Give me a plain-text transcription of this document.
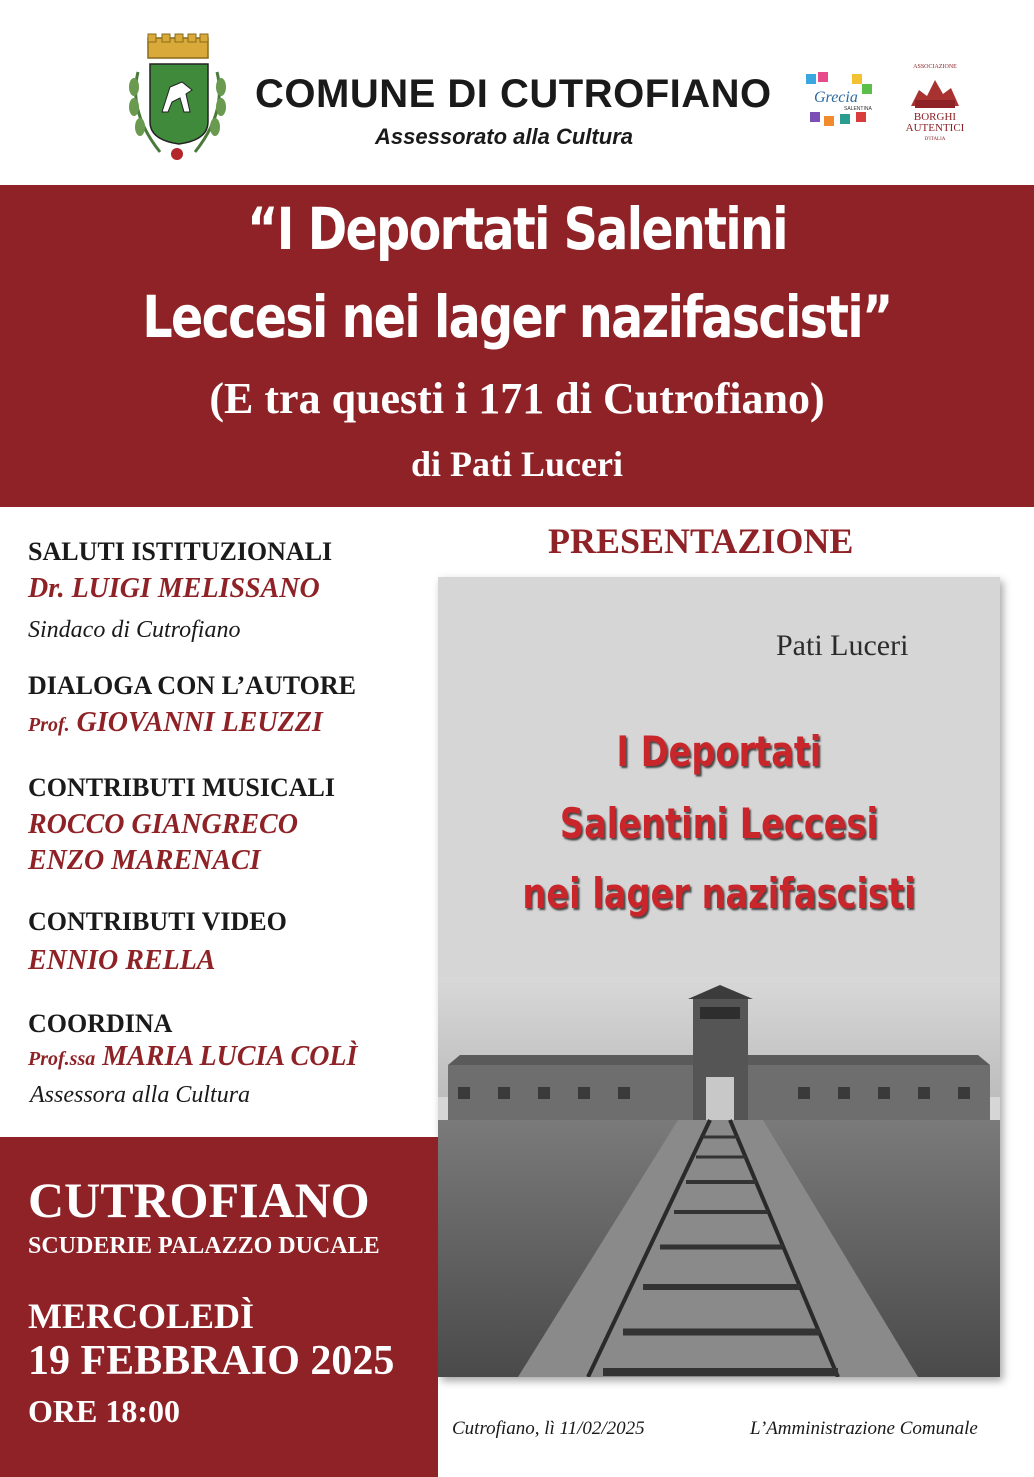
COMUNE DI CUTROFIANO
Assessorato alla Cultura
Grecia
SALENTINA
ASSOCIAZIONE
BORGHI
AUTENTICI
D'ITALIA
“I Deportati Salentini
Leccesi nei lager nazifascisti”
(E tra questi i 171 di Cutrofiano)
di Pati Luceri
SALUTI ISTITUZIONALI
Dr. LUIGI MELISSANO
Sindaco di Cutrofiano
DIALOGA CON L’AUTORE
Prof. GIOVANNI LEUZZI
CONTRIBUTI MUSICALI
ROCCO GIANGRECO
ENZO MARENACI
CONTRIBUTI VIDEO
ENNIO RELLA
COORDINA
Prof.ssa MARIA LUCIA COLÌ
Assessora alla Cultura
PRESENTAZIONE
Pati Luceri
I Deportati
Salentini Leccesi
nei lager nazifascisti
CUTROFIANO
SCUDERIE PALAZZO DUCALE
MERCOLEDÌ
19 FEBBRAIO 2025
ORE 18:00	Cutrofiano, lì 11/02/2025	L’Amministrazione Comunale
